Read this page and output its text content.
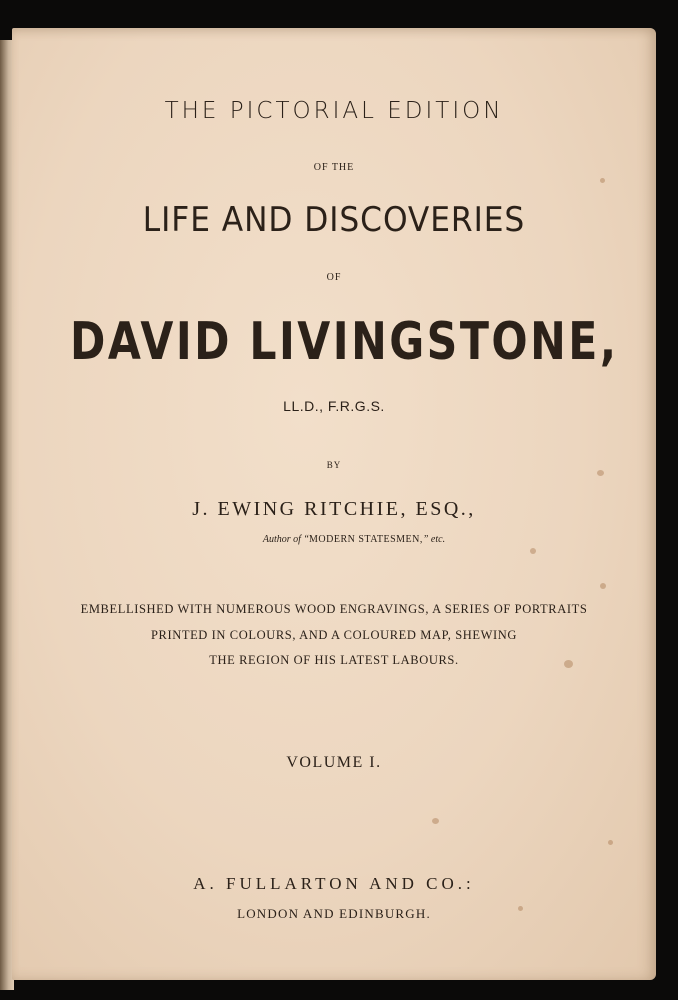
THE PICTORIAL EDITION
OF THE
LIFE AND DISCOVERIES
OF
DAVID LIVINGSTONE,
LL.D., F.R.G.S.
BY
J. EWING RITCHIE, ESQ.,
Author of “MODERN STATESMEN,” etc.
EMBELLISHED WITH NUMEROUS WOOD ENGRAVINGS, A SERIES OF PORTRAITS
PRINTED IN COLOURS, AND A COLOURED MAP, SHEWING
THE REGION OF HIS LATEST LABOURS.
VOLUME I.
A. FULLARTON AND CO.:
LONDON AND EDINBURGH.
